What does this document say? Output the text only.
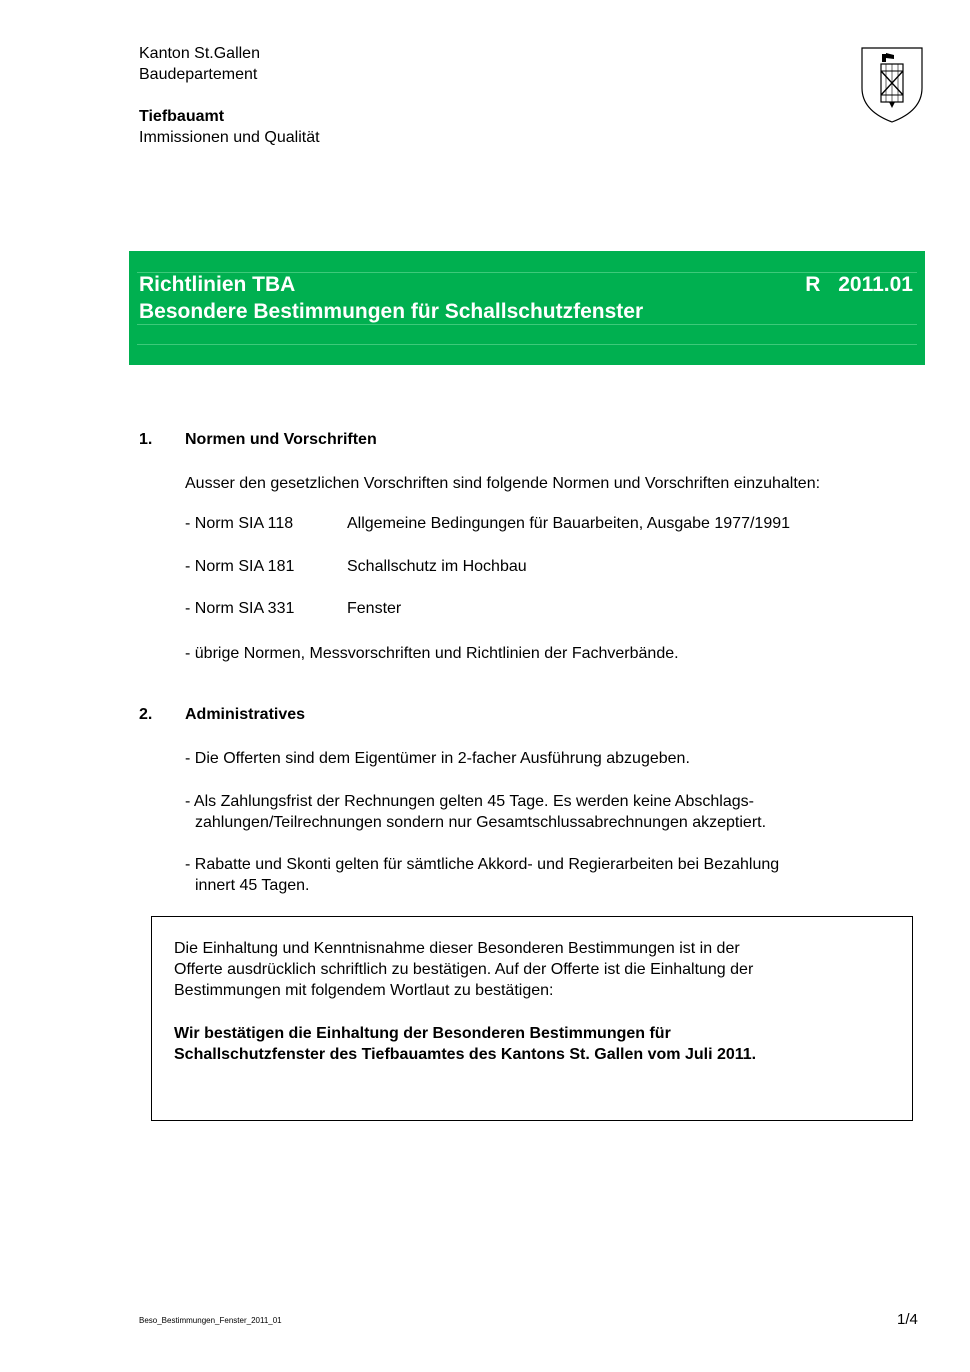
Kanton St.Gallen
Baudepartement
Tiefbauamt
Immissionen und Qualität
Richtlinien TBA	R 2011.01
Besondere Bestimmungen für Schallschutzfenster
1. Normen und Vorschriften
Ausser den gesetzlichen Vorschriften sind folgende Normen und Vorschriften einzuhalten:
- Norm SIA 118	Allgemeine Bedingungen für Bauarbeiten, Ausgabe 1977/1991
- Norm SIA 181	Schallschutz im Hochbau
- Norm SIA 331	Fenster
- übrige Normen, Messvorschriften und Richtlinien der Fachverbände.
2. Administratives
- Die Offerten sind dem Eigentümer in 2-facher Ausführung abzugeben.
- Als Zahlungsfrist der Rechnungen gelten 45 Tage. Es werden keine Abschlags-
zahlungen/Teilrechnungen sondern nur Gesamtschlussabrechnungen akzeptiert.
- Rabatte und Skonti gelten für sämtliche Akkord- und Regierarbeiten bei Bezahlung
innert 45 Tagen.
Die Einhaltung und Kenntnisnahme dieser Besonderen Bestimmungen ist in der
Offerte ausdrücklich schriftlich zu bestätigen. Auf der Offerte ist die Einhaltung der
Bestimmungen mit folgendem Wortlaut zu bestätigen:
Wir bestätigen die Einhaltung der Besonderen Bestimmungen für
Schallschutzfenster des Tiefbauamtes des Kantons St. Gallen vom Juli 2011.
Beso_Bestimmungen_Fenster_2011_01	1/4
